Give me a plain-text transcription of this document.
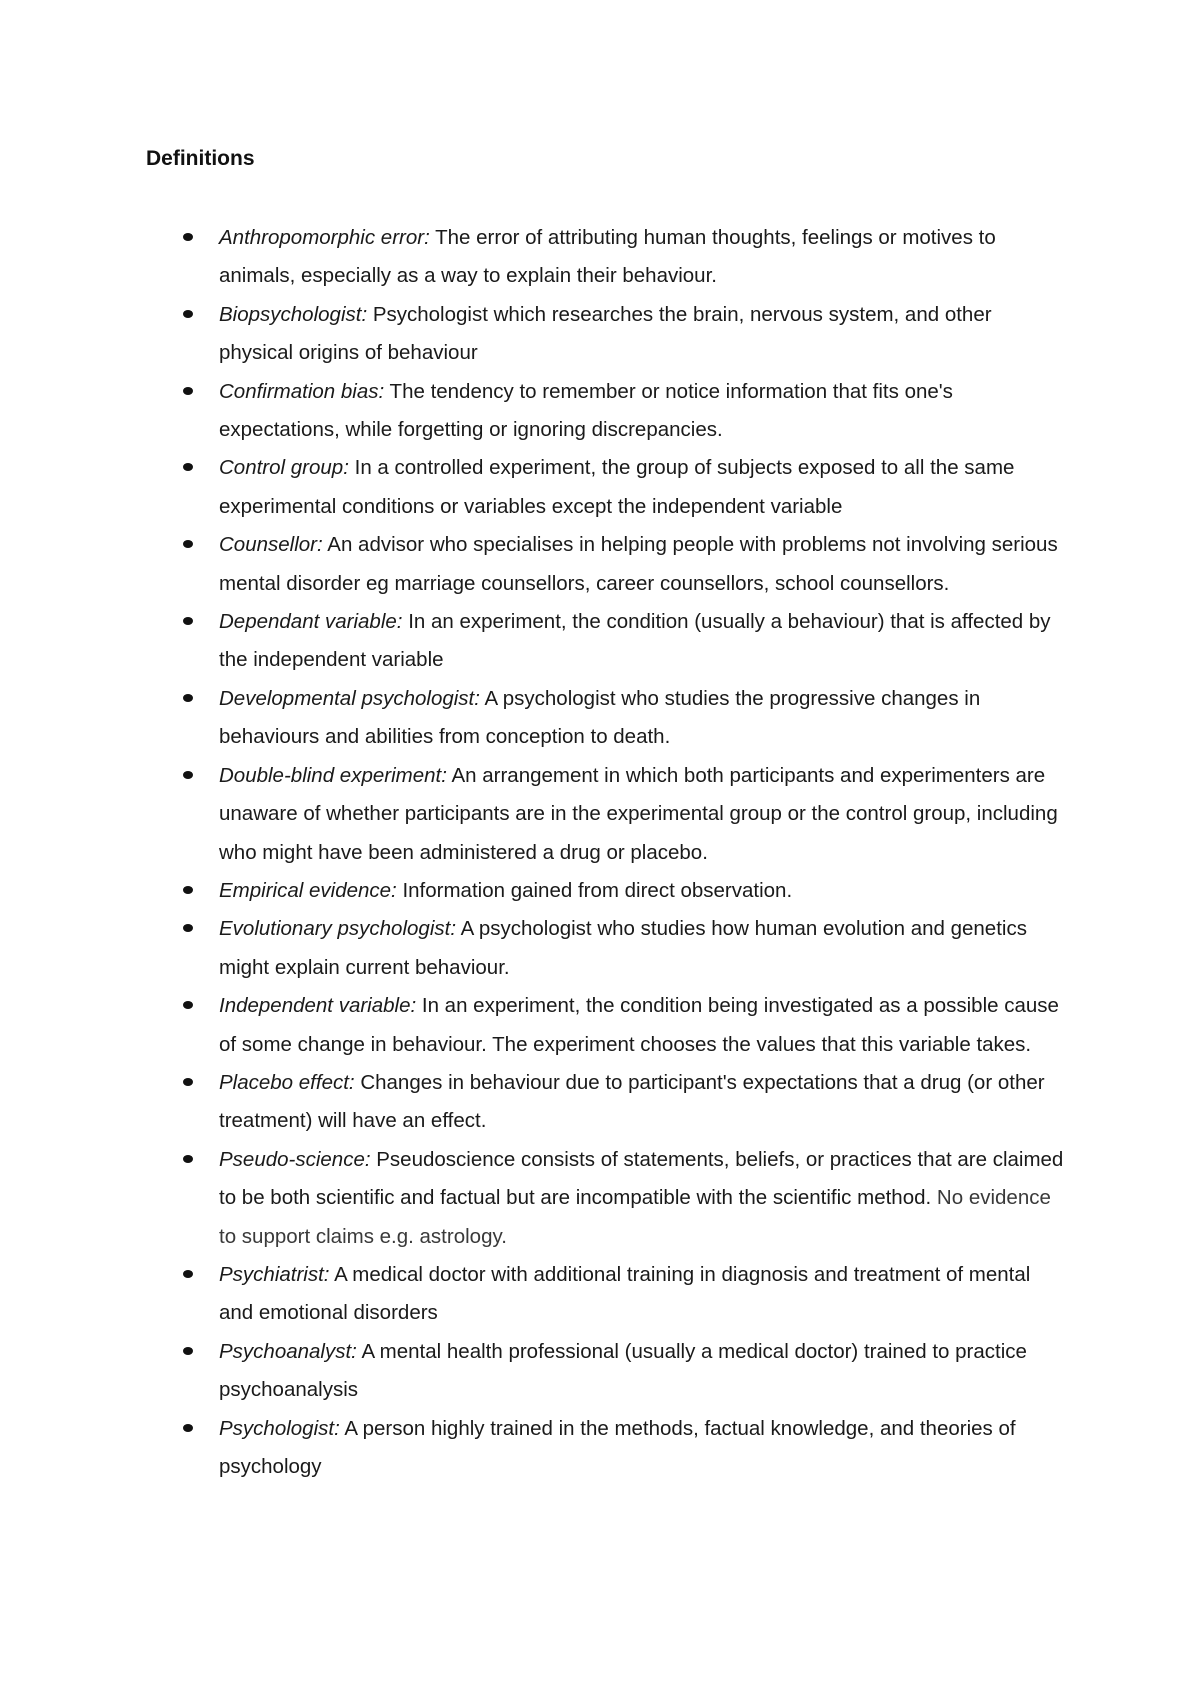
Definitions
Anthropomorphic error: The error of attributing human thoughts, feelings or motives to animals, especially as a way to explain their behaviour.
Biopsychologist: Psychologist which researches the brain, nervous system, and other physical origins of behaviour
Confirmation bias: The tendency to remember or notice information that fits one's expectations, while forgetting or ignoring discrepancies.
Control group: In a controlled experiment, the group of subjects exposed to all the same experimental conditions or variables except the independent variable
Counsellor: An advisor who specialises in helping people with problems not involving serious mental disorder eg marriage counsellors, career counsellors, school counsellors.
Dependant variable: In an experiment, the condition (usually a behaviour) that is affected by the independent variable
Developmental psychologist: A psychologist who studies the progressive changes in behaviours and abilities from conception to death.
Double-blind experiment: An arrangement in which both participants and experimenters are unaware of whether participants are in the experimental group or the control group, including who might have been administered a drug or placebo.
Empirical evidence: Information gained from direct observation.
Evolutionary psychologist: A psychologist who studies how human evolution and genetics might explain current behaviour.
Independent variable: In an experiment, the condition being investigated as a possible cause of some change in behaviour. The experiment chooses the values that this variable takes.
Placebo effect: Changes in behaviour due to participant's expectations that a drug (or other treatment) will have an effect.
Pseudo-science: Pseudoscience consists of statements, beliefs, or practices that are claimed to be both scientific and factual but are incompatible with the scientific method. No evidence to support claims e.g. astrology.
Psychiatrist: A medical doctor with additional training in diagnosis and treatment of mental and emotional disorders
Psychoanalyst: A mental health professional (usually a medical doctor) trained to practice psychoanalysis
Psychologist: A person highly trained in the methods, factual knowledge, and theories of psychology
